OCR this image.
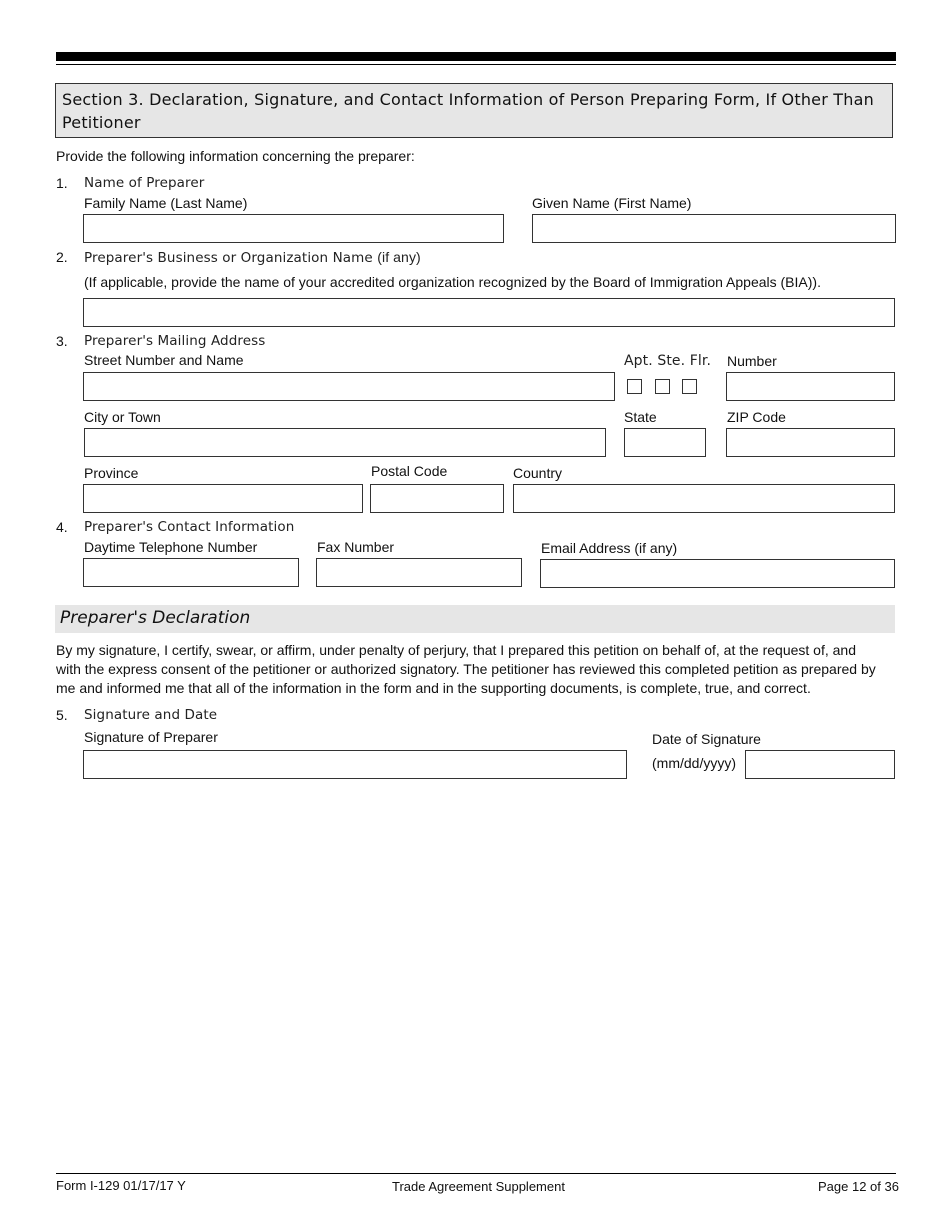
Section 3. Declaration, Signature, and Contact Information of Person Preparing Form, If Other Than Petitioner
Provide the following information concerning the preparer:
1. Name of Preparer
Family Name (Last Name)	Given Name (First Name)
2. Preparer's Business or Organization Name (if any)
(If applicable, provide the name of your accredited organization recognized by the Board of Immigration Appeals (BIA)).
3. Preparer's Mailing Address
Street Number and Name	Apt. Ste. Flr. Number
City or Town	State	ZIP Code
Province	Postal Code	Country
4. Preparer's Contact Information
Daytime Telephone Number	Fax Number	Email Address (if any)
Preparer's Declaration
By my signature, I certify, swear, or affirm, under penalty of perjury, that I prepared this petition on behalf of, at the request of, and
with the express consent of the petitioner or authorized signatory. The petitioner has reviewed this completed petition as prepared by
me and informed me that all of the information in the form and in the supporting documents, is complete, true, and correct.
5. Signature and Date
Signature of Preparer	Date of Signature
(mm/dd/yyyy)
Form I-129 01/17/17 Y	Trade Agreement Supplement	Page 12 of 36
